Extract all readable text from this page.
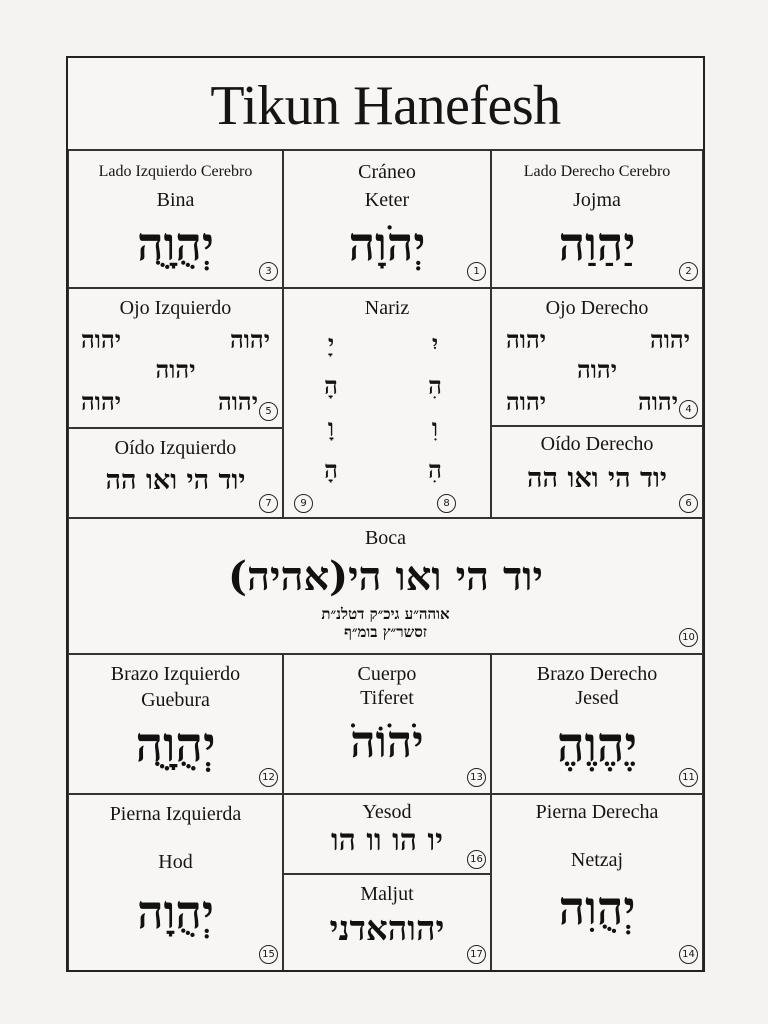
Tikun Hanefesh
Lado Izquierdo Cerebro
Bina
יְהֻוָֻה
3
Cráneo
Keter
יְהֹוָה
1
Lado Derecho Cerebro
Jojma
יַהַוַה
2
Ojo Izquierdo
יהוה
יהוה
יהוה
יהוה
יהוה	5
Nariz
יָ
הָ
וָ
הָ
יִ
הִ
וִ
הִ
9	8
Ojo Derecho
יהוה
יהוה
יהוה
יהוה
יהוה	4
Oído Izquierdo
יוד הי ואו הה
7
Oído Derecho
יוד הי ואו הה
6
Boca
יוד הי ואו הי(אהיה)
אוהה״ע גיכ״ק דטלנ״ת
זסשר״ץ בומ״ף	10
Brazo Izquierdo
Guebura
יְהֻוָֻה
12
Cuerpo
Tiferet
יֹהֹוֹהֹ
13
Brazo Derecho
Jesed
יֶהֶוֶהֶ
11
Pierna Izquierda
Hod
יְהֻוָה
15
Yesod
יו הו וו הו
16
Maljut
יהוהאדני
17
Pierna Derecha
Netzaj
יְהֻוִה
14
